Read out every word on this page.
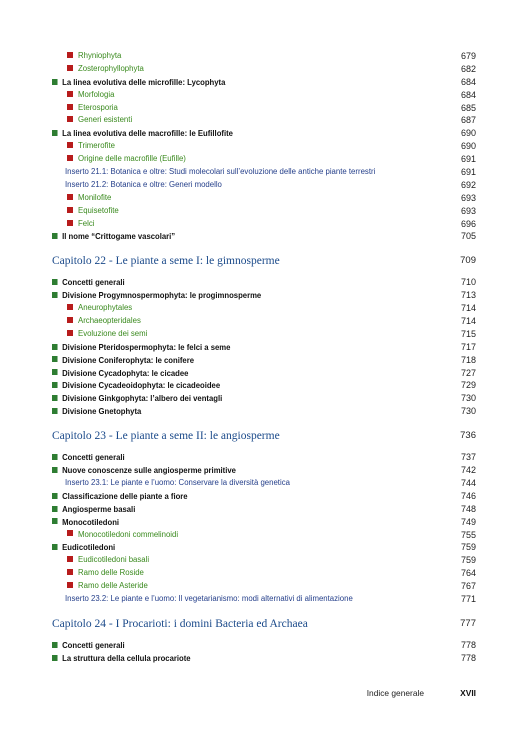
Rhyniophyta	679
Zosterophyllophyta	682
La linea evolutiva delle microfille: Lycophyta	684
Morfologia	684
Eterosporia	685
Generi esistenti	687
La linea evolutiva delle macrofille: le Eufillofite	690
Trimerofite	690
Origine delle macrofille (Eufille)	691
Inserto 21.1: Botanica e oltre: Studi molecolari sull’evoluzione delle antiche piante terrestri	691
Inserto 21.2: Botanica e oltre: Generi modello	692
Monilofite	693
Equisetofite	693
Felci	696
Il nome “Crittogame vascolari”	705
Capitolo 22 - Le piante a seme I: le gimnosperme	709
Concetti generali	710
Divisione Progymnospermophyta: le progimnosperme	713
Aneurophytales	714
Archaeopteridales	714
Evoluzione dei semi	715
Divisione Pteridospermophyta: le felci a seme	717
Divisione Coniferophyta: le conifere	718
Divisione Cycadophyta: le cicadee	727
Divisione Cycadeoidophyta: le cicadeoidee	729
Divisione Ginkgophyta: l’albero dei ventagli	730
Divisione Gnetophyta	730
Capitolo 23 - Le piante a seme II: le angiosperme	736
Concetti generali	737
Nuove conoscenze sulle angiosperme primitive	742
Inserto 23.1: Le piante e l’uomo: Conservare la diversità genetica	744
Classificazione delle piante a fiore	746
Angiosperme basali	748
Monocotiledoni	749
Monocotiledoni commelinoidi	755
Eudicotiledoni	759
Eudicotiledoni basali	759
Ramo delle Roside	764
Ramo delle Asteride	767
Inserto 23.2: Le piante e l’uomo: Il vegetarianismo: modi alternativi di alimentazione	771
Capitolo 24 - I Procarioti: i domini Bacteria ed Archaea	777
Concetti generali	778
La struttura della cellula procariote	778
Indice generale	XVII
